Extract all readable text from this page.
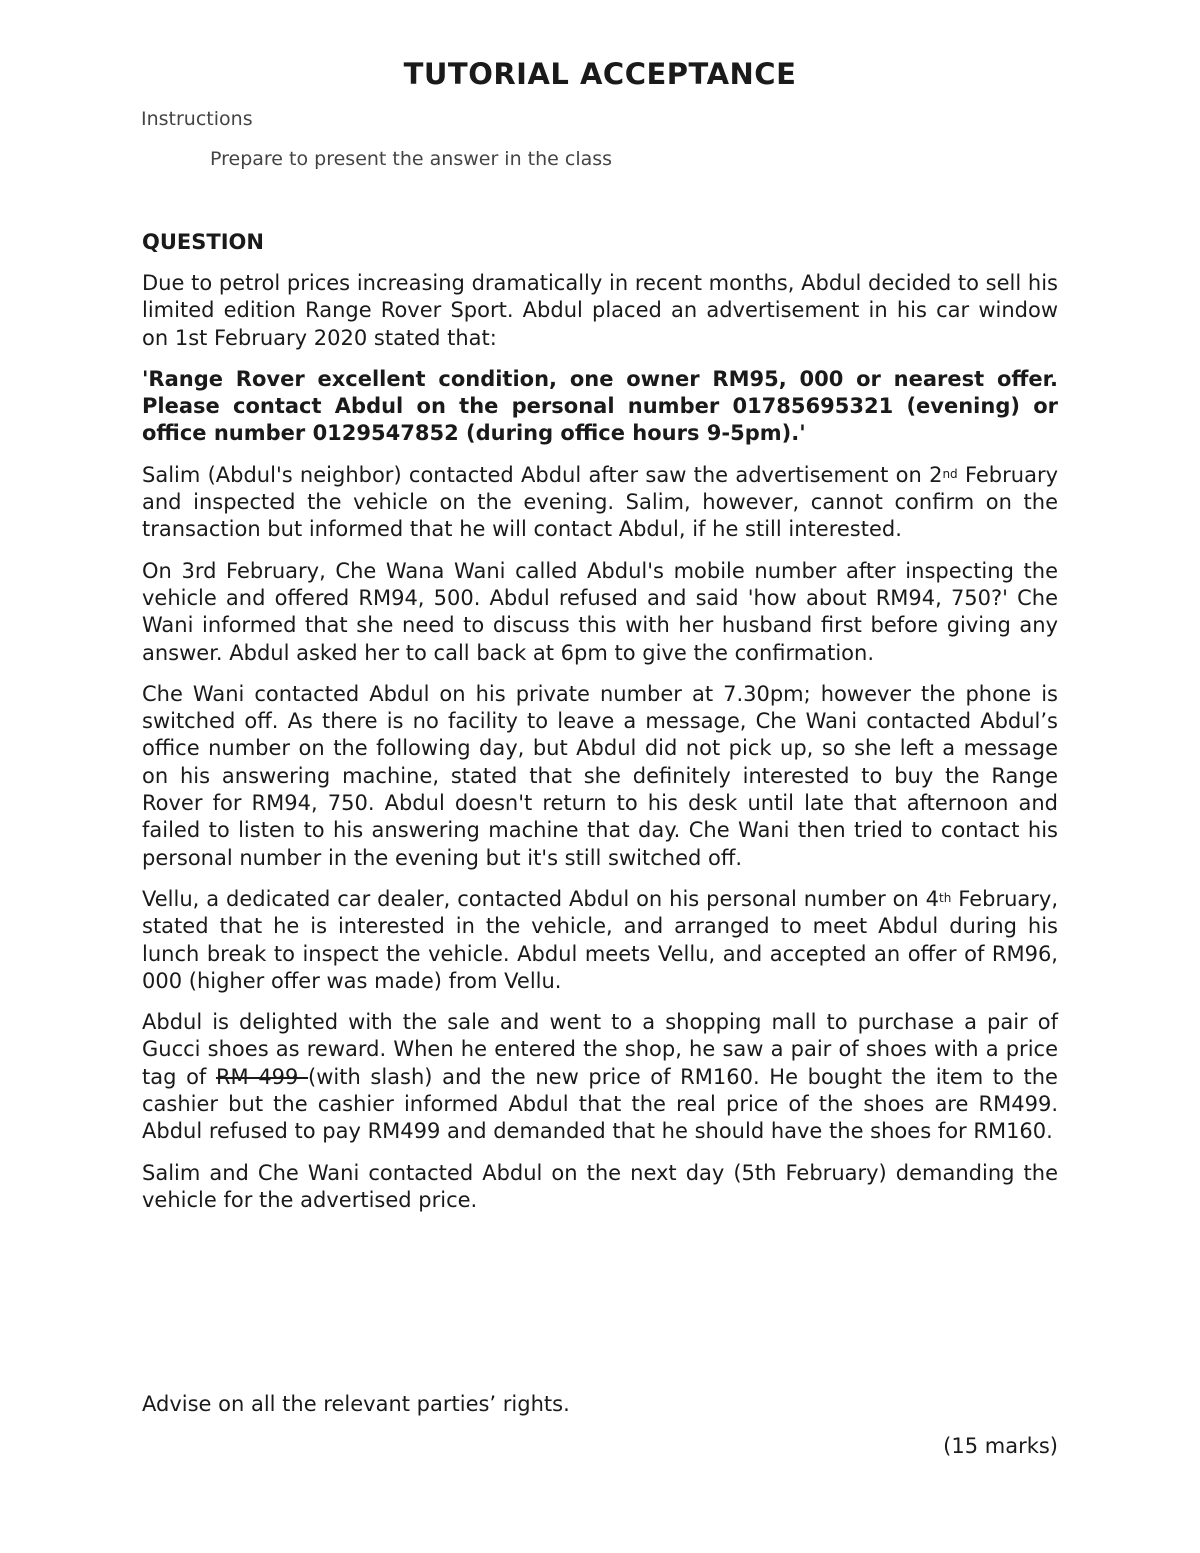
TUTORIAL ACCEPTANCE

Instructions

Prepare to present the answer in the class

QUESTION

Due to petrol prices increasing dramatically in recent months, Abdul decided to sell his limited edition Range Rover Sport. Abdul placed an advertisement in his car window on 1st February 2020 stated that:

'Range Rover excellent condition, one owner RM95, 000 or nearest offer. Please contact Abdul on the personal number 01785695321 (evening) or office number 0129547852 (during office hours 9-5pm).'

Salim (Abdul's neighbor) contacted Abdul after saw the advertisement on 2nd February and inspected the vehicle on the evening. Salim, however, cannot confirm on the transaction but informed that he will contact Abdul, if he still interested.

On 3rd February, Che Wana Wani called Abdul's mobile number after inspecting the vehicle and offered RM94, 500. Abdul refused and said 'how about RM94, 750?' Che Wani informed that she need to discuss this with her husband first before giving any answer. Abdul asked her to call back at 6pm to give the confirmation.

Che Wani contacted Abdul on his private number at 7.30pm; however the phone is switched off. As there is no facility to leave a message, Che Wani contacted Abdul’s office number on the following day, but Abdul did not pick up, so she left a message on his answering machine, stated that she definitely interested to buy the Range Rover for RM94, 750. Abdul doesn't return to his desk until late that afternoon and failed to listen to his answering machine that day. Che Wani then tried to contact his personal number in the evening but it's still switched off.

Vellu, a dedicated car dealer, contacted Abdul on his personal number on 4th February, stated that he is interested in the vehicle, and arranged to meet Abdul during his lunch break to inspect the vehicle. Abdul meets Vellu, and accepted an offer of RM96, 000 (higher offer was made) from Vellu.

Abdul is delighted with the sale and went to a shopping mall to purchase a pair of Gucci shoes as reward. When he entered the shop, he saw a pair of shoes with a price tag of RM 499 (with slash) and the new price of RM160. He bought the item to the cashier but the cashier informed Abdul that the real price of the shoes are RM499. Abdul refused to pay RM499 and demanded that he should have the shoes for RM160.

Salim and Che Wani contacted Abdul on the next day (5th February) demanding the vehicle for the advertised price.

Advise on all the relevant parties’ rights.

(15 marks)
